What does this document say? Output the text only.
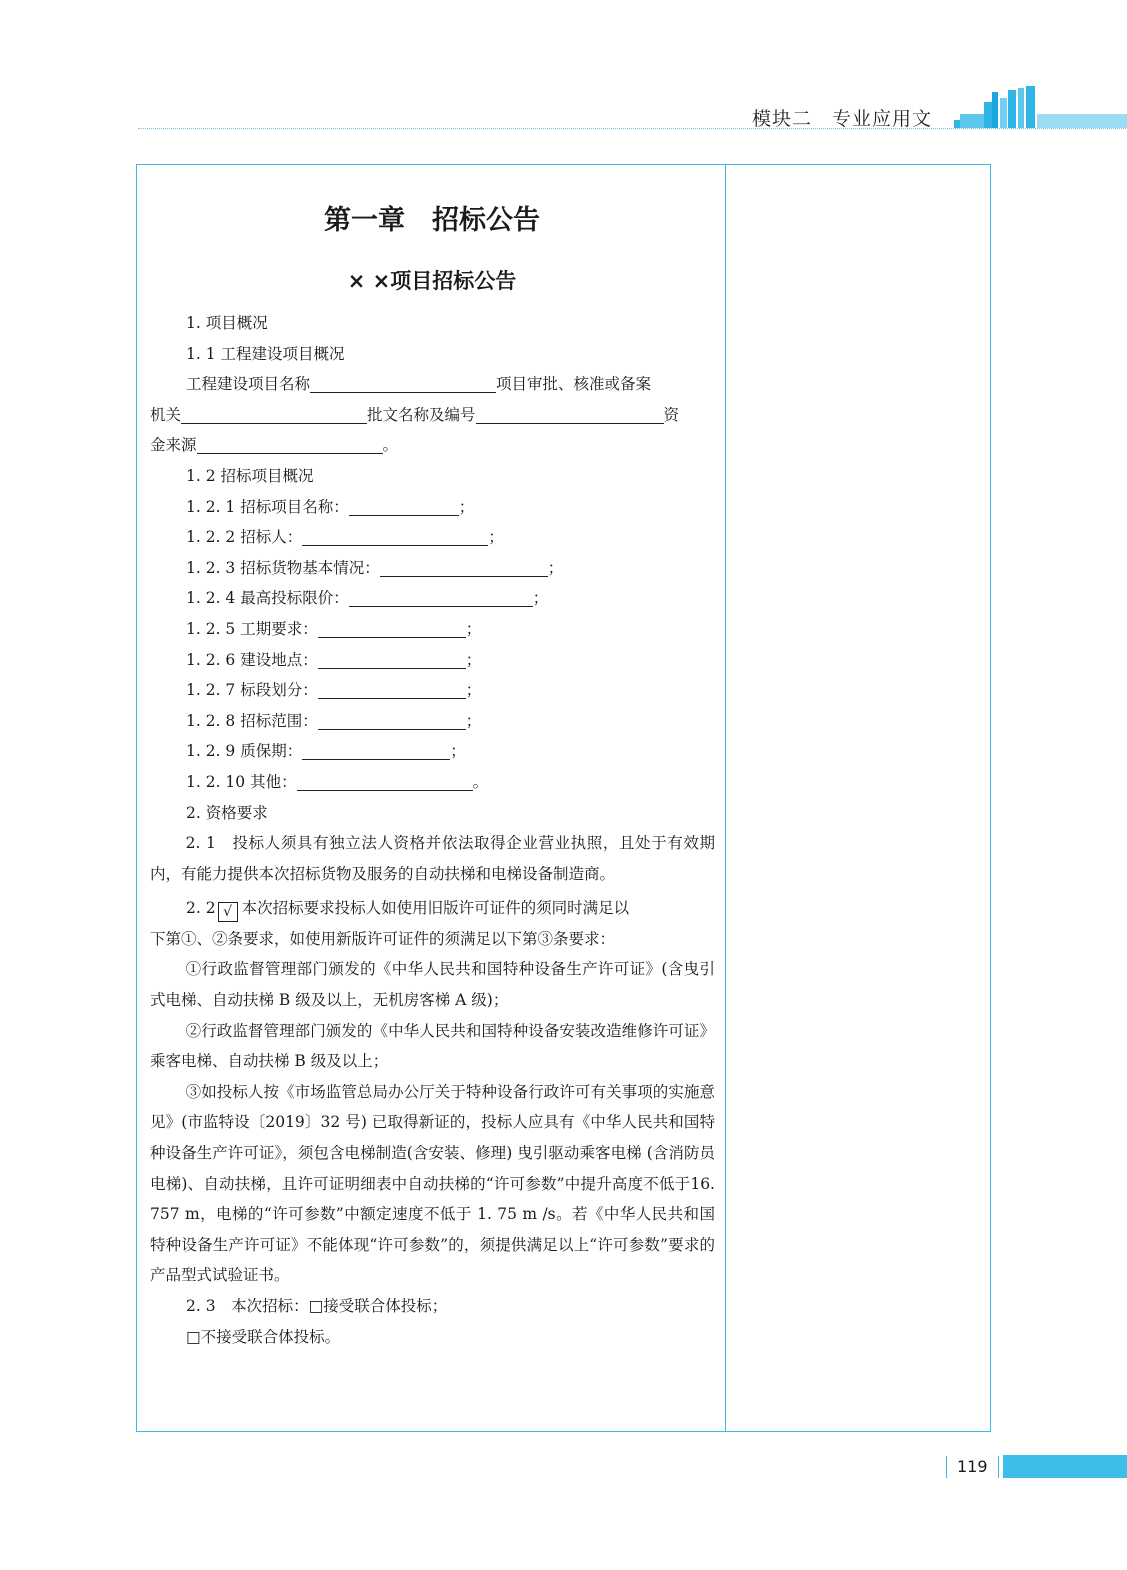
模块二　专业应用文
第一章　招标公告
× ×项目招标公告
1. 项目概况
1. 1 工程建设项目概况
工程建设项目名称	项目审批、核准或备案
机关	批文名称及编号	资
金来源	。
1. 2 招标项目概况
1. 2. 1 招标项目名称：	；
1. 2. 2 招标人：	；
1. 2. 3 招标货物基本情况：	；
1. 2. 4 最高投标限价：	；
1. 2. 5 工期要求：	；
1. 2. 6 建设地点：	；
1. 2. 7 标段划分：	；
1. 2. 8 招标范围：	；
1. 2. 9 质保期：	；
1. 2. 10 其他：	。
2. 资格要求
2. 1　投标人须具有独立法人资格并依法取得企业营业执照，且处于有效期内，有能力提供本次招标货物及服务的自动扶梯和电梯设备制造商。
2. 2 √ 本次招标要求投标人如使用旧版许可证件的须同时满足以
下第①、②条要求，如使用新版许可证件的须满足以下第③条要求：
①行政监督管理部门颁发的《中华人民共和国特种设备生产许可证》(含曳引式电梯、自动扶梯 B 级及以上，无机房客梯 A 级)；
②行政监督管理部门颁发的《中华人民共和国特种设备安装改造维修许可证》乘客电梯、自动扶梯 B 级及以上；
③如投标人按《市场监管总局办公厅关于特种设备行政许可有关事项的实施意见》(市监特设〔2019〕32 号) 已取得新证的，投标人应具有《中华人民共和国特种设备生产许可证》，须包含电梯制造(含安装、修理) 曳引驱动乘客电梯 (含消防员电梯)、自动扶梯，且许可证明细表中自动扶梯的“许可参数”中提升高度不低于16. 757 m，电梯的“许可参数”中额定速度不低于 1. 75 m /s。若《中华人民共和国特种设备生产许可证》不能体现“许可参数”的，须提供满足以上“许可参数”要求的产品型式试验证书。
2. 3　本次招标：□接受联合体投标；
□不接受联合体投标。
119
